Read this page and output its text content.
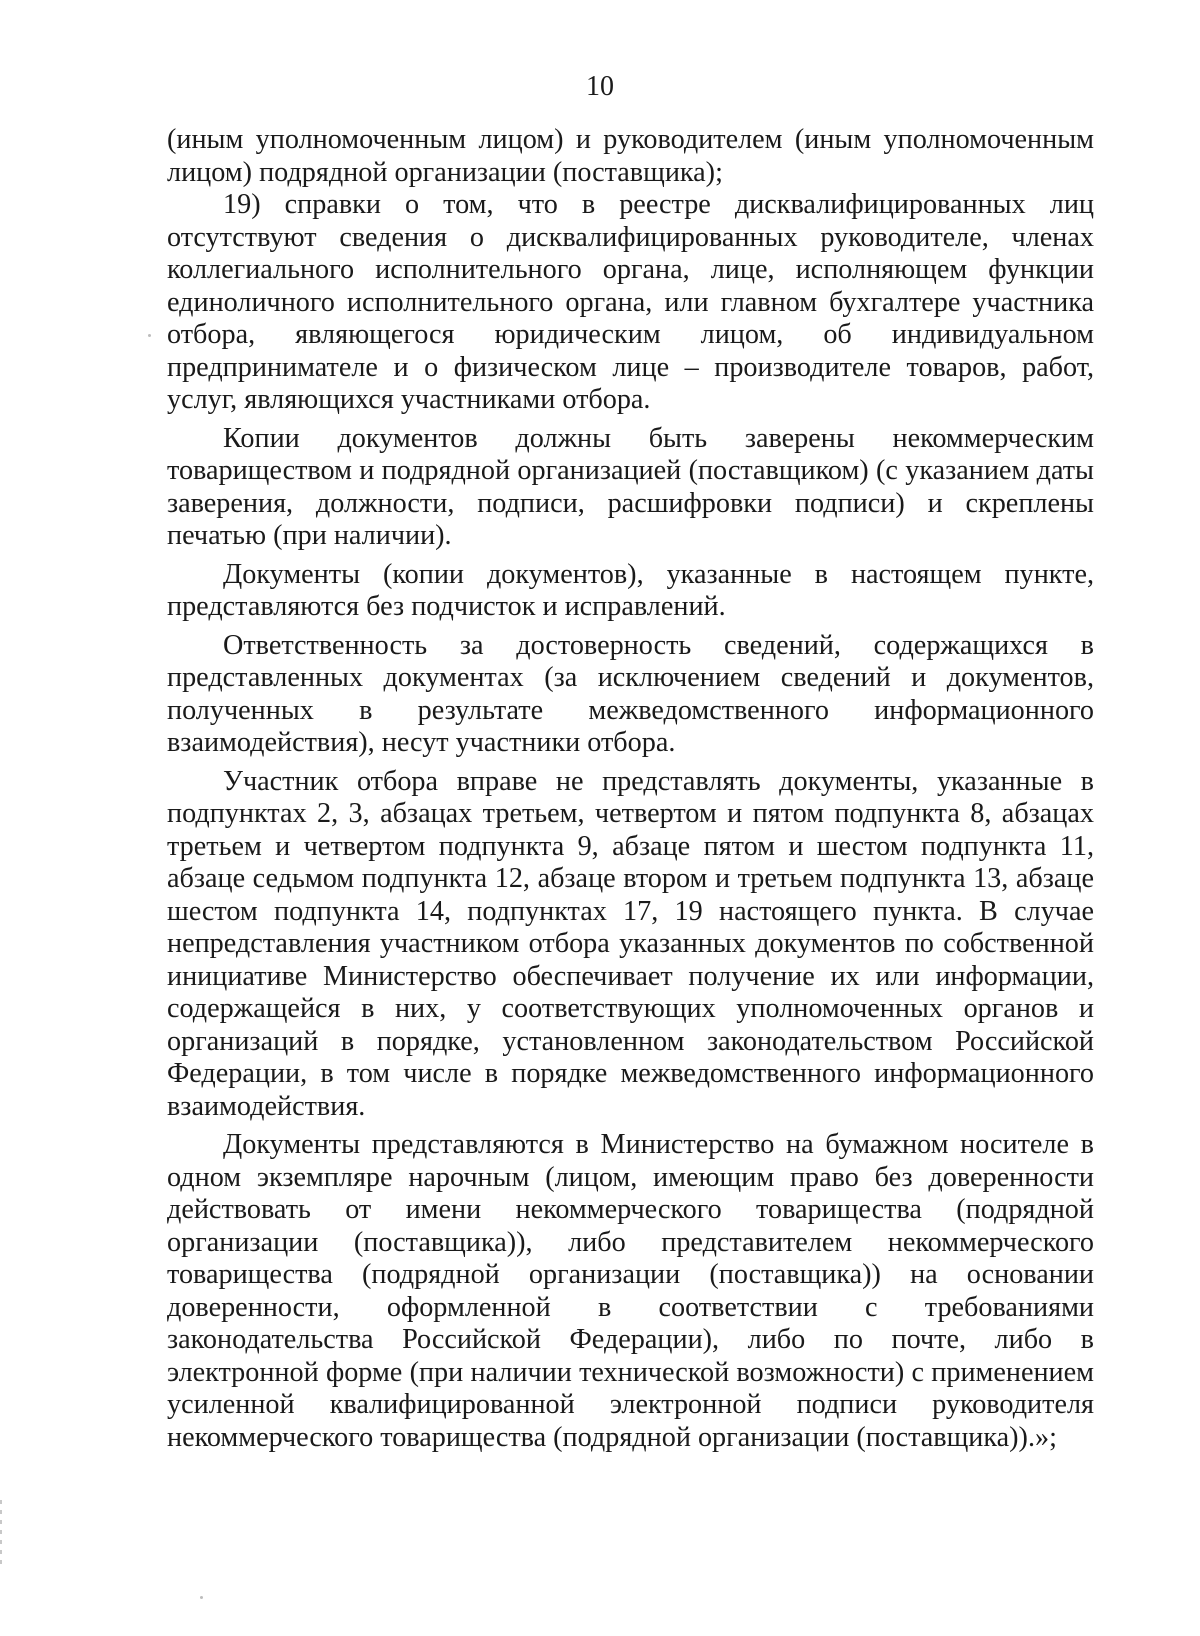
10

(иным уполномоченным лицом) и руководителем (иным уполномоченным лицом) подрядной организации (поставщика);

19) справки о том, что в реестре дисквалифицированных лиц отсутствуют сведения о дисквалифицированных руководителе, членах коллегиального исполнительного органа, лице, исполняющем функции единоличного исполнительного органа, или главном бухгалтере участника отбора, являющегося юридическим лицом, об индивидуальном предпринимателе и о физическом лице – производителе товаров, работ, услуг, являющихся участниками отбора.

Копии документов должны быть заверены некоммерческим товариществом и подрядной организацией (поставщиком) (с указанием даты заверения, должности, подписи, расшифровки подписи) и скреплены печатью (при наличии).

Документы (копии документов), указанные в настоящем пункте, представляются без подчисток и исправлений.

Ответственность за достоверность сведений, содержащихся в представленных документах (за исключением сведений и документов, полученных в результате межведомственного информационного взаимодействия), несут участники отбора.

Участник отбора вправе не представлять документы, указанные в подпунктах 2, 3, абзацах третьем, четвертом и пятом подпункта 8, абзацах третьем и четвертом подпункта 9, абзаце пятом и шестом подпункта 11, абзаце седьмом подпункта 12, абзаце втором и третьем подпункта 13, абзаце шестом подпункта 14, подпунктах 17, 19 настоящего пункта. В случае непредставления участником отбора указанных документов по собственной инициативе Министерство обеспечивает получение их или информации, содержащейся в них, у соответствующих уполномоченных органов и организаций в порядке, установленном законодательством Российской Федерации, в том числе в порядке межведомственного информационного взаимодействия.

Документы представляются в Министерство на бумажном носителе в одном экземпляре нарочным (лицом, имеющим право без доверенности действовать от имени некоммерческого товарищества (подрядной организации (поставщика)), либо представителем некоммерческого товарищества (подрядной организации (поставщика)) на основании доверенности, оформленной в соответствии с требованиями законодательства Российской Федерации), либо по почте, либо в электронной форме (при наличии технической возможности) с применением усиленной квалифицированной электронной подписи руководителя некоммерческого товарищества (подрядной организации (поставщика)).»;
